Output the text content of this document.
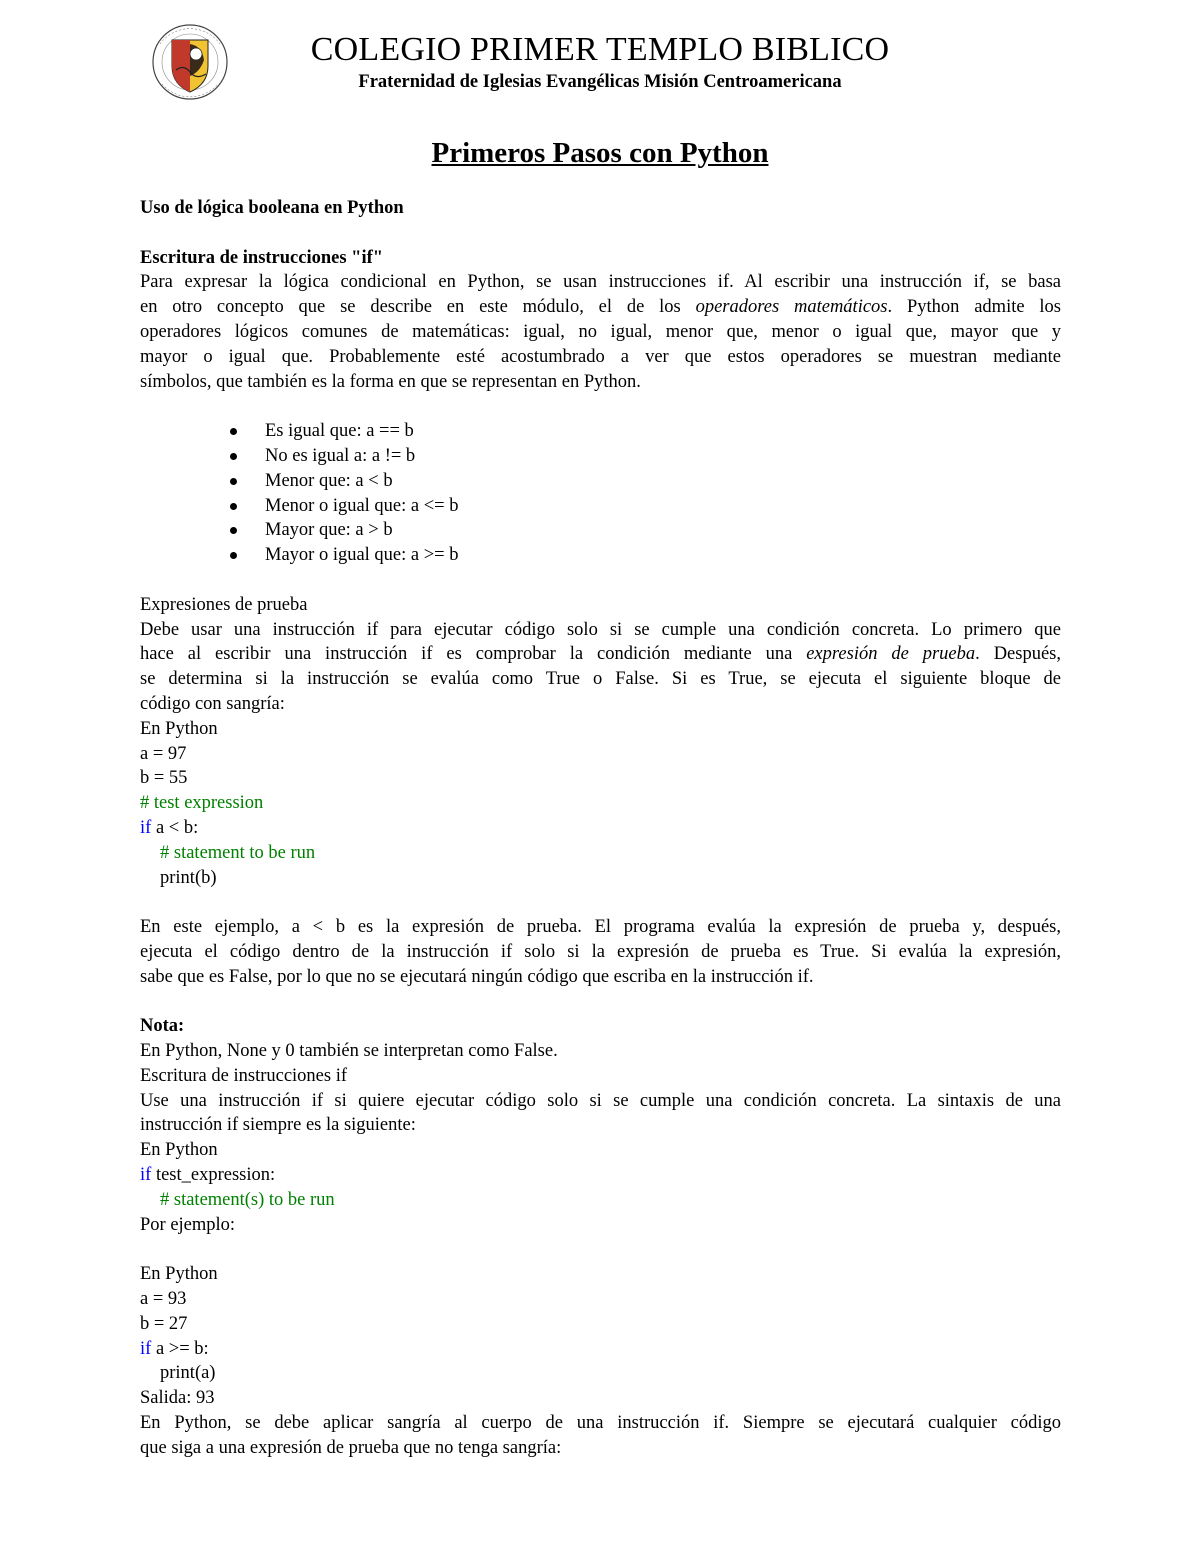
COLEGIO PRIMER TEMPLO BIBLICO
Fraternidad de Iglesias Evangélicas Misión Centroamericana
Primeros Pasos con Python
Uso de lógica booleana en Python
Escritura de instrucciones "if"
Para expresar la lógica condicional en Python, se usan instrucciones if. Al escribir una instrucción if, se basa
en otro concepto que se describe en este módulo, el de los operadores matemáticos. Python admite los
operadores lógicos comunes de matemáticas: igual, no igual, menor que, menor o igual que, mayor que y
mayor o igual que. Probablemente esté acostumbrado a ver que estos operadores se muestran mediante
símbolos, que también es la forma en que se representan en Python.
Es igual que: a == b
No es igual a: a != b
Menor que: a < b
Menor o igual que: a <= b
Mayor que: a > b
Mayor o igual que: a >= b
Expresiones de prueba
Debe usar una instrucción if para ejecutar código solo si se cumple una condición concreta. Lo primero que
hace al escribir una instrucción if es comprobar la condición mediante una expresión de prueba. Después,
se determina si la instrucción se evalúa como True o False. Si es True, se ejecuta el siguiente bloque de
código con sangría:
En Python
a = 97
b = 55
# test expression
if a < b:
# statement to be run
print(b)
En este ejemplo, a < b es la expresión de prueba. El programa evalúa la expresión de prueba y, después,
ejecuta el código dentro de la instrucción if solo si la expresión de prueba es True. Si evalúa la expresión,
sabe que es False, por lo que no se ejecutará ningún código que escriba en la instrucción if.
Nota:
En Python, None y 0 también se interpretan como False.
Escritura de instrucciones if
Use una instrucción if si quiere ejecutar código solo si se cumple una condición concreta. La sintaxis de una
instrucción if siempre es la siguiente:
En Python
if test_expression:
# statement(s) to be run
Por ejemplo:
En Python
a = 93
b = 27
if a >= b:
print(a)
Salida: 93
En Python, se debe aplicar sangría al cuerpo de una instrucción if. Siempre se ejecutará cualquier código
que siga a una expresión de prueba que no tenga sangría:
